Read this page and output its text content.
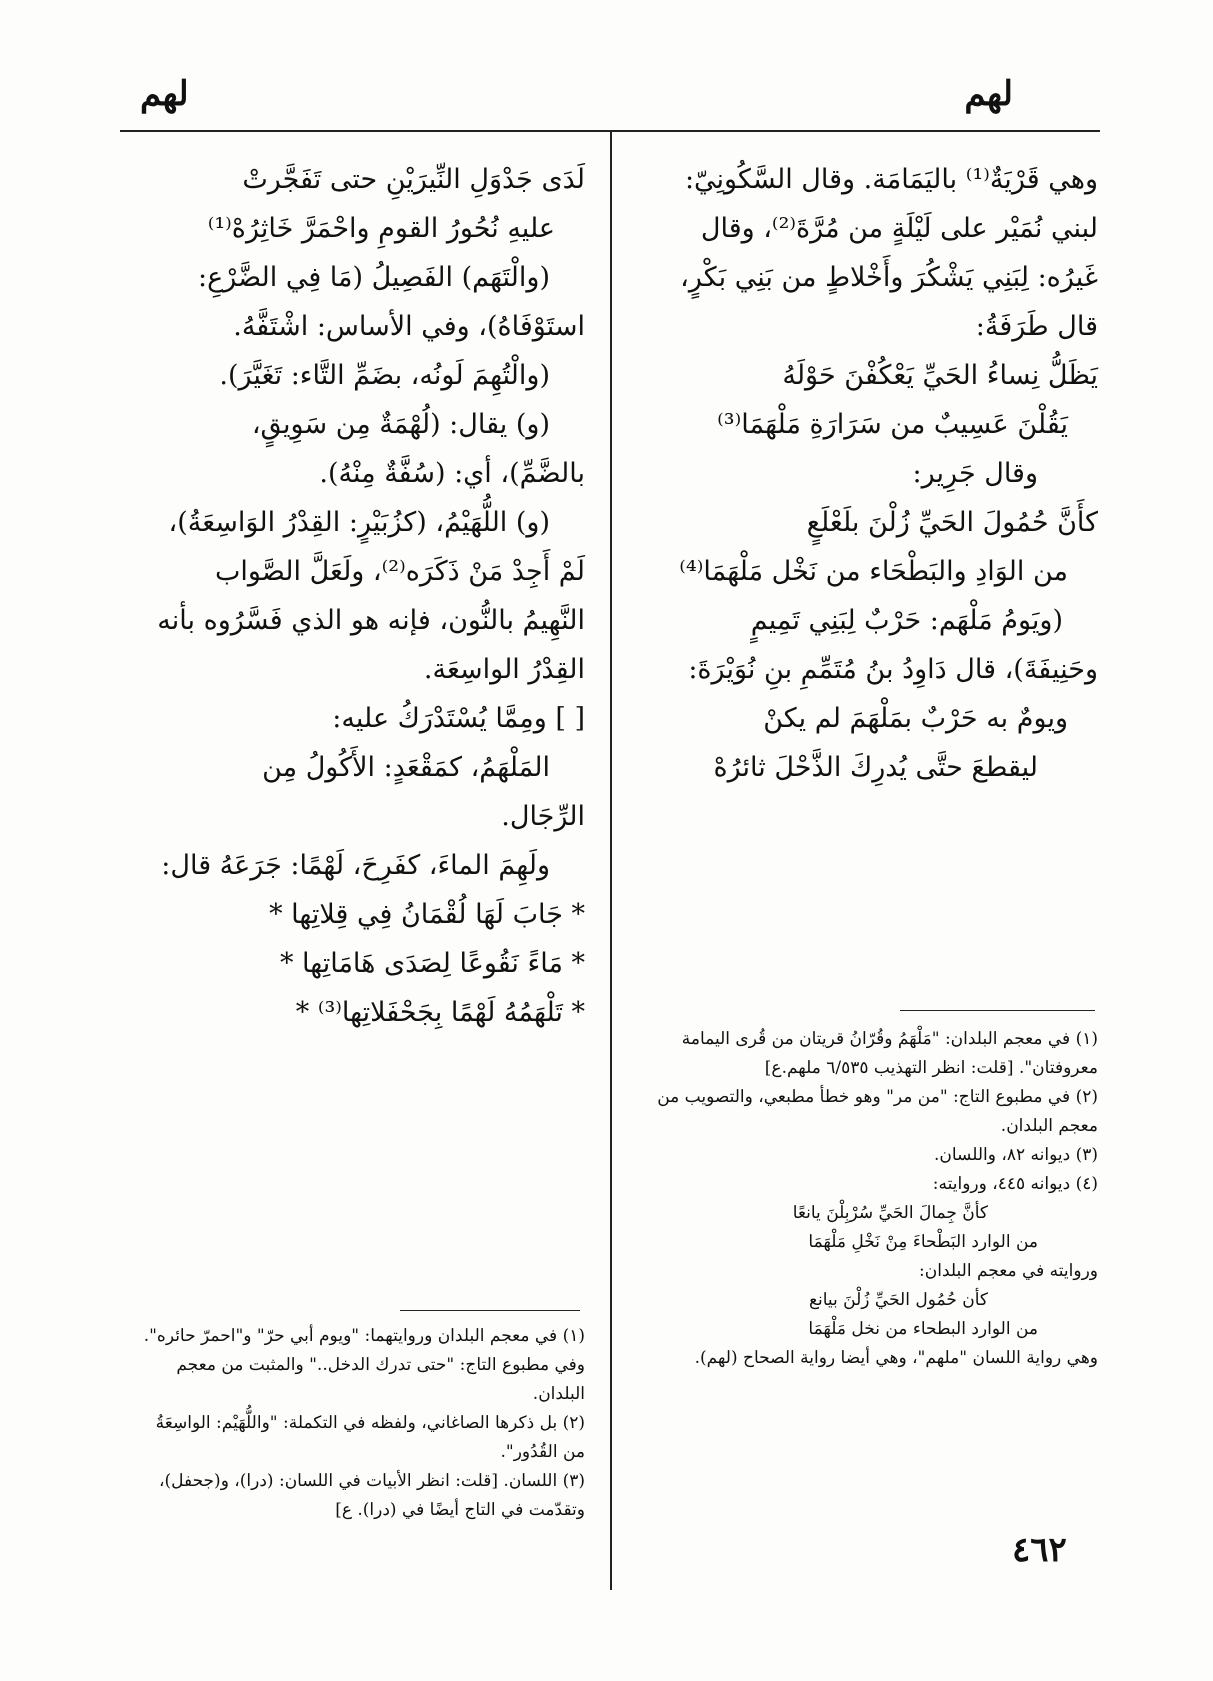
لهم
لهم

وهي قَرْيَةٌ⁽¹⁾ باليَمَامَة. وقال السَّكُونِيّ:

لبني نُمَيْر على لَيْلَةٍ من مُرَّةَ⁽²⁾، وقال

غَيرُه: لِبَنِي يَشْكُرَ وأَخْلاطٍ من بَنِي بَكْرٍ،

قال طَرَفَةُ:

يَظَلُّ نِساءُ الحَيِّ يَعْكُفْنَ حَوْلَهُ

يَقُلْنَ عَسِيبٌ من سَرَارَةِ مَلْهَمَا⁽³⁾

وقال جَرِير:

كأَنَّ حُمُولَ الحَيِّ زُلْنَ بلَعْلَعٍ

من الوَادِ والبَطْحَاء من نَخْل مَلْهَمَا⁽⁴⁾

(ويَومُ مَلْهَم: حَرْبٌ لِبَنِي تَمِيمٍ

وحَنِيفَةَ)، قال دَاوِدُ بنُ مُتَمِّمِ بنِ نُوَيْرَةَ:

ويومٌ به حَرْبٌ بمَلْهَمَ لم يكنْ

ليقطعَ حتَّى يُدرِكَ الذَّحْلَ ثائرُهْ

(١) في معجم البلدان: "مَلْهَمُ وقُرّانُ قريتان من قُرى اليمامة معروفتان". [قلت: انظر التهذيب ٦/٥٣٥ ملهم.ع]

(٢) في مطبوع التاج: "من مر" وهو خطأ مطبعي، والتصويب من معجم البلدان.

(٣) ديوانه ٨٢، واللسان.

(٤) ديوانه ٤٤٥، وروايته:

كأنَّ جِمالَ الحَيِّ سُرْبِلْنَ يانعًا

من الوارد البَطْحاءَ مِنْ نَخْلِ مَلْهَمَا

وروايته في معجم البلدان:

كأن حُمُول الحَيِّ زُلْنَ بيانع

من الوارد البطحاء من نخل مَلْهَمَا

وهي رواية اللسان "ملهم"، وهي أيضا رواية الصحاح (لهم).

لَدَى جَدْوَلِ النِّيرَيْنِ حتى تَفَجَّرتْ

عليهِ نُحُورُ القومِ واحْمَرَّ خَاثِرُهْ⁽¹⁾

(والْتَهَم) الفَصِيلُ (مَا فِي الضَّرْعِ:

استَوْفَاهُ)، وفي الأساس: اشْتَفَّهُ.

(والْتُهِمَ لَونُه، بضَمِّ التَّاء: تَغَيَّرَ).

(و) يقال: (لُهْمَةٌ مِن سَوِيقٍ،

بالضَّمِّ)، أي: (سُفَّةٌ مِنْهُ).

(و) اللُّهَيْمُ، (كزُبَيْرٍ: القِدْرُ الوَاسِعَةُ)،

لَمْ أَجِدْ مَنْ ذَكَرَه⁽²⁾، ولَعَلَّ الصَّواب

النَّهِيمُ بالنُّون، فإنه هو الذي فَسَّرُوه بأنه

القِدْرُ الواسِعَة.

[ ] ومِمَّا يُسْتَدْرَكُ عليه:

المَلْهَمُ، كمَقْعَدٍ: الأَكُولُ مِن

الرِّجَال.

ولَهِمَ الماءَ، كفَرِحَ، لَهْمًا: جَرَعَهُ قال:

* جَابَ لَهَا لُقْمَانُ فِي قِلاتِها *

* مَاءً نَقُوعًا لِصَدَى هَامَاتِها *

* تَلْهَمُهُ لَهْمًا بِجَحْفَلاتِها⁽³⁾ *

(١) في معجم البلدان وروايتهما: "ويوم أبي حرّ" و"احمرّ حائره". وفي مطبوع التاج: "حتى تدرك الدخل.." والمثبت من معجم البلدان.

(٢) بل ذكرها الصاغاني، ولفظه في التكملة: "واللُّهَيْم: الواسِعَةُ من القُدُور".

(٣) اللسان. [قلت: انظر الأبيات في اللسان: (درا)، و(جحفل)، وتقدّمت في التاج أيضًا في (درا). ع]

٤٦٢
